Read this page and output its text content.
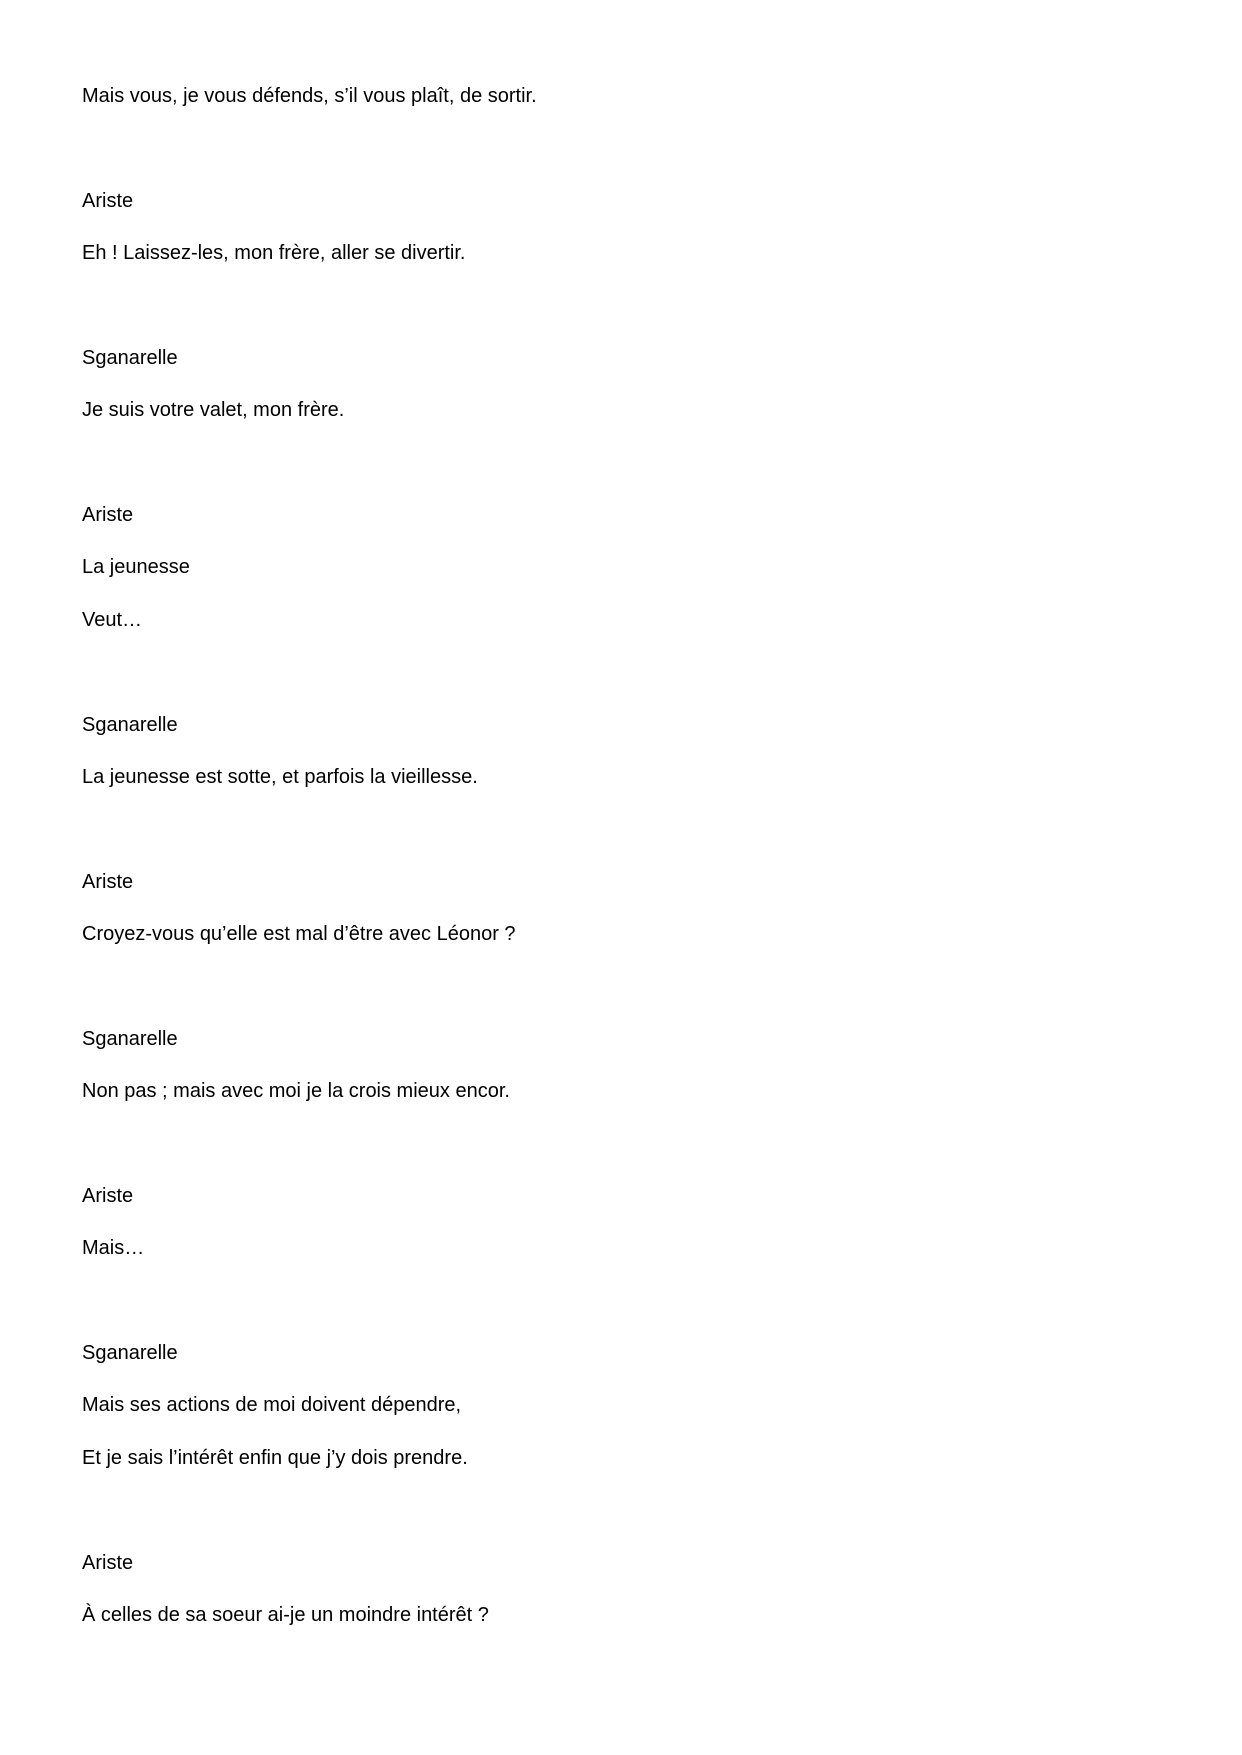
Mais vous, je vous défends, s’il vous plaît, de sortir.

Ariste

Eh ! Laissez-les, mon frère, aller se divertir.

Sganarelle

Je suis votre valet, mon frère.

Ariste

La jeunesse

Veut…

Sganarelle

La jeunesse est sotte, et parfois la vieillesse.

Ariste

Croyez-vous qu’elle est mal d’être avec Léonor ?

Sganarelle

Non pas ; mais avec moi je la crois mieux encor.

Ariste

Mais…

Sganarelle

Mais ses actions de moi doivent dépendre,

Et je sais l’intérêt enfin que j’y dois prendre.

Ariste

À celles de sa soeur ai-je un moindre intérêt ?
